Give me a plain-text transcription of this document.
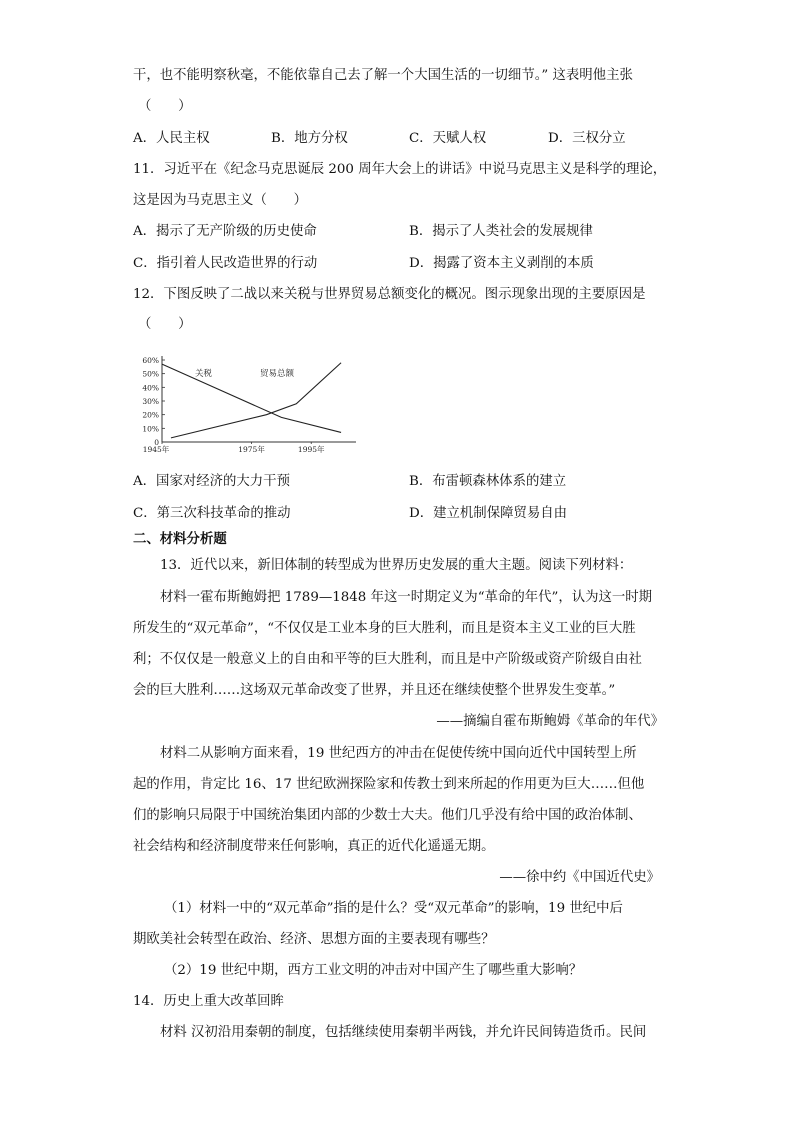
干，也不能明察秋毫，不能依靠自己去了解一个大国生活的一切细节。” 这表明他主张
（　　）
A．人民主权	B．地方分权	C．天赋人权	D．三权分立
11．习近平在《纪念马克思诞辰 200 周年大会上的讲话》中说马克思主义是科学的理论，
这是因为马克思主义（　　）
A．揭示了无产阶级的历史使命	B．揭示了人类社会的发展规律
C．指引着人民改造世界的行动	D．揭露了资本主义剥削的本质
12．下图反映了二战以来关税与世界贸易总额变化的概况。图示现象出现的主要原因是
（　　）
0
10%
20%
30%
40%
50%
60%
1945年	1975年	1995年
关税	贸易总额
A．国家对经济的大力干预	B．布雷顿森林体系的建立
C．第三次科技革命的推动	D．建立机制保障贸易自由
二、材料分析题
13．近代以来，新旧体制的转型成为世界历史发展的重大主题。阅读下列材料：
材料一霍布斯鲍姆把 1789—1848 年这一时期定义为“革命的年代”，认为这一时期
所发生的“双元革命”，“不仅仅是工业本身的巨大胜利，而且是资本主义工业的巨大胜
利；不仅仅是一般意义上的自由和平等的巨大胜利，而且是中产阶级或资产阶级自由社
会的巨大胜利……这场双元革命改变了世界，并且还在继续使整个世界发生变革。”
——摘编自霍布斯鲍姆《革命的年代》
材料二从影响方面来看，19 世纪西方的冲击在促使传统中国向近代中国转型上所
起的作用，肯定比 16、17 世纪欧洲探险家和传教士到来所起的作用更为巨大……但他
们的影响只局限于中国统治集团内部的少数士大夫。他们几乎没有给中国的政治体制、
社会结构和经济制度带来任何影响，真正的近代化遥遥无期。
——徐中约《中国近代史》
（1）材料一中的“双元革命”指的是什么？受“双元革命”的影响，19 世纪中后
期欧美社会转型在政治、经济、思想方面的主要表现有哪些？
（2）19 世纪中期，西方工业文明的冲击对中国产生了哪些重大影响？
14．历史上重大改革回眸
材料 汉初沿用秦朝的制度，包括继续使用秦朝半两钱，并允许民间铸造货币。民间
